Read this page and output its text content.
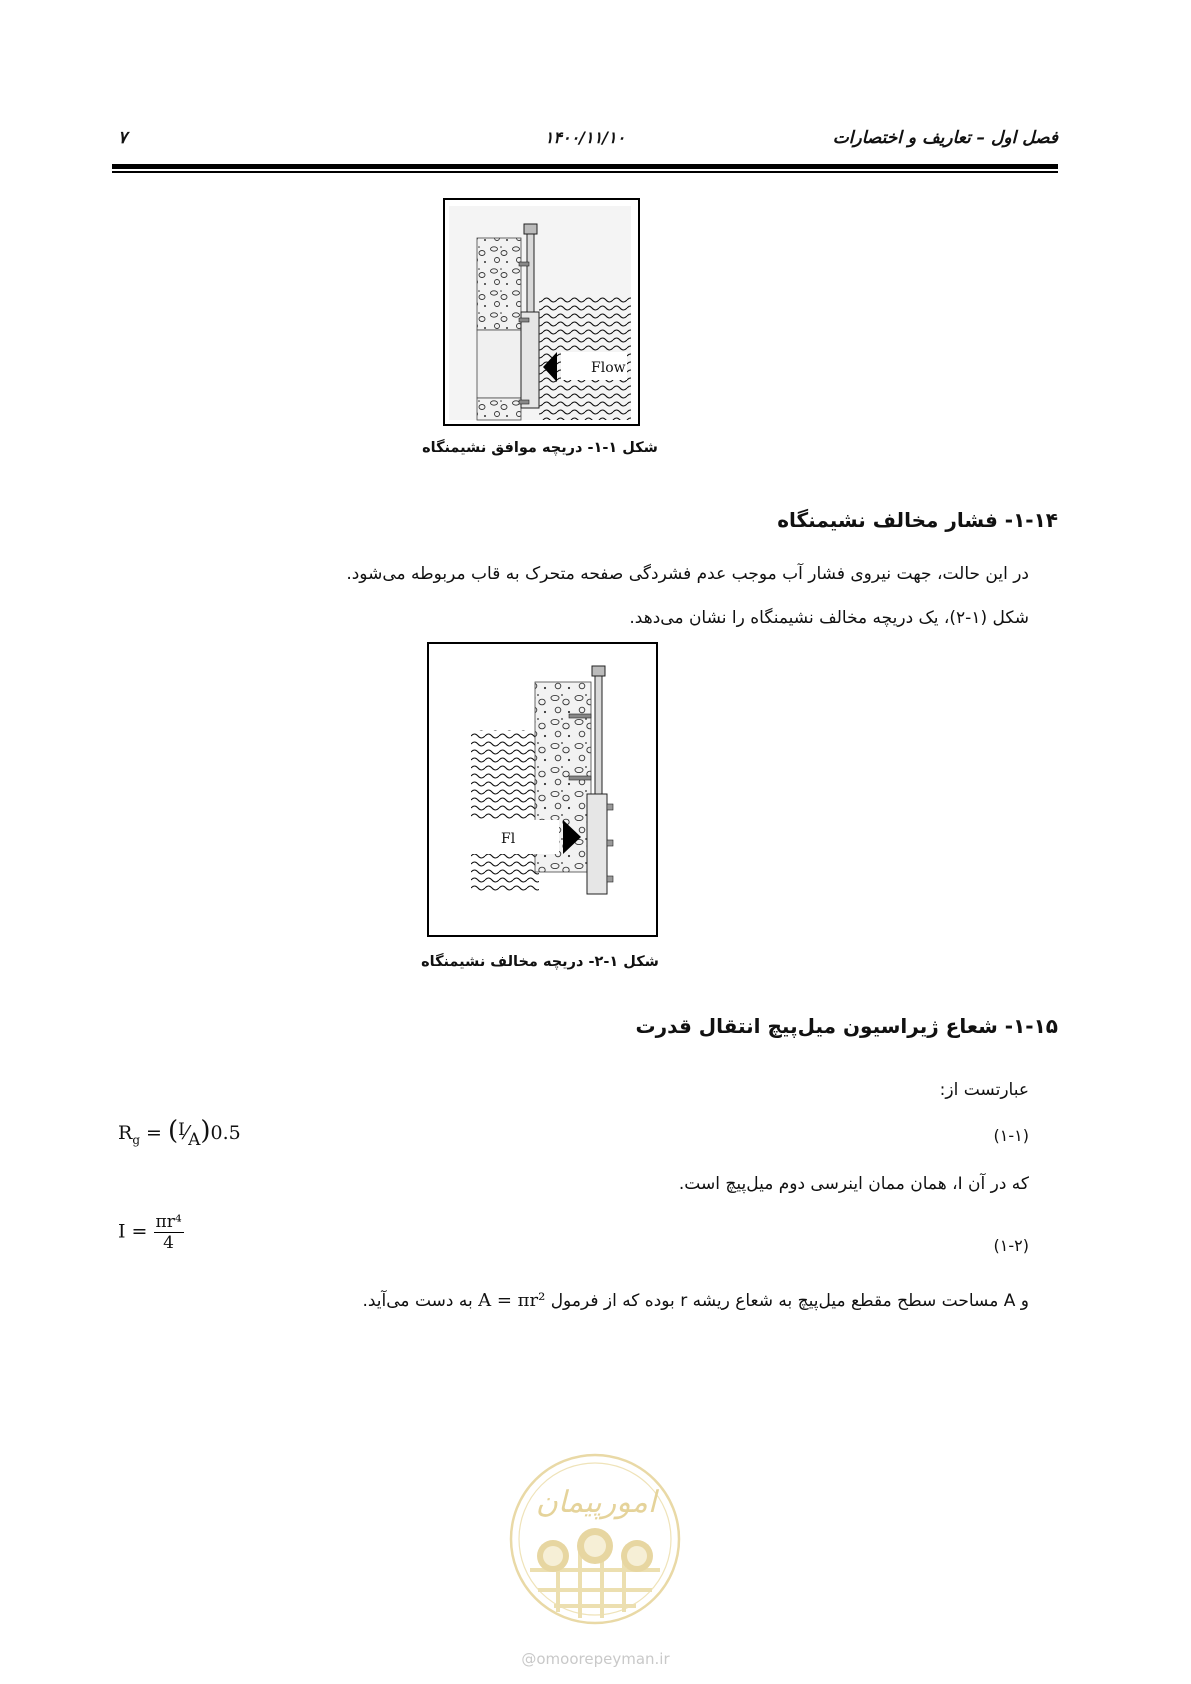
فصل اول – تعاریف و اختصارات
۱۴۰۰/۱۱/۱۰
۷
Flow
شکل ۱-۱- دریچه موافق نشیمنگاه
۱-۱۴- فشار مخالف نشیمنگاه
در این حالت، جهت نیروی فشار آب موجب عدم فشردگی صفحه متحرک به قاب مربوطه می‌شود.
شکل (۱-۲)، یک دریچه مخالف نشیمنگاه را نشان می‌دهد.
Fl
شکل ۱-۲- دریچه مخالف نشیمنگاه
۱-۱۵- شعاع ژیراسیون میل‌پیچ انتقال قدرت
عبارتست از:
(۱-۱)
$R_g$ = (I⁄A)0.5
که در آن I، همان ممان اینرسی دوم میل‌پیچ است.
(۱-۲)
$I = \frac{\text{πr⁴}}{4}$
و A مساحت سطح مقطع میل‌پیچ به شعاع ریشه r بوده که از فرمول A = πr² به دست می‌آید.
امورپیمان
@omoorepeyman.ir
